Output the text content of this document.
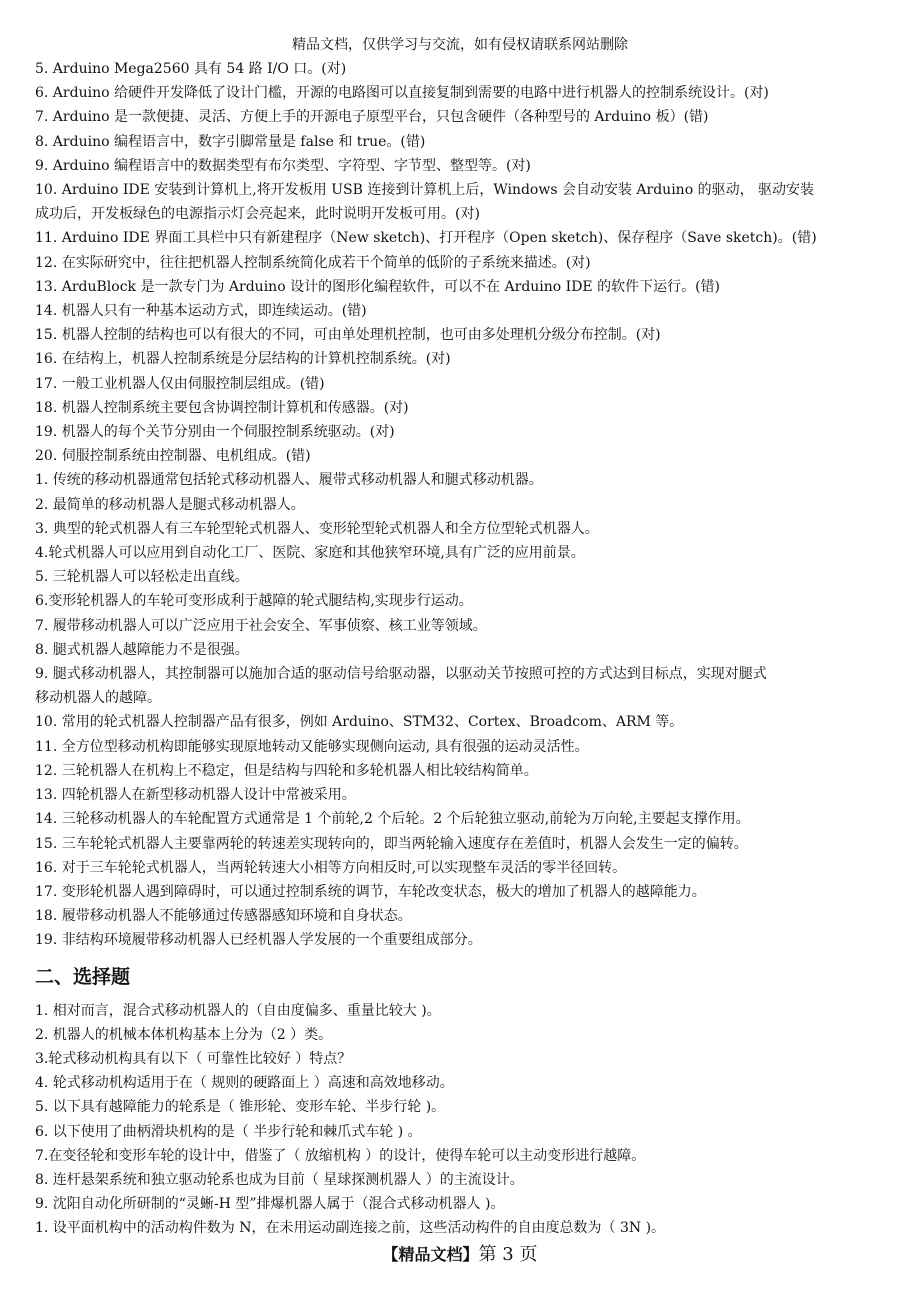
精品文档，仅供学习与交流，如有侵权请联系网站删除
5. Arduino Mega2560 具有 54 路 I/O 口。(对)
6. Arduino 给硬件开发降低了设计门槛，开源的电路图可以直接复制到需要的电路中进行机器人的控制系统设计。(对)
7. Arduino 是一款便捷、灵活、方便上手的开源电子原型平台，只包含硬件（各种型号的 Arduino 板）(错)
8. Arduino 编程语言中，数字引脚常量是 false 和 true。(错)
9. Arduino 编程语言中的数据类型有布尔类型、字符型、字节型、整型等。(对)
10. Arduino IDE 安装到计算机上,将开发板用 USB 连接到计算机上后，Windows 会自动安装 Arduino 的驱动， 驱动安装
成功后，开发板绿色的电源指示灯会亮起来，此时说明开发板可用。(对)
11. Arduino IDE 界面工具栏中只有新建程序（New sketch)、打开程序（Open sketch)、保存程序（Save sketch)。(错)
12. 在实际研究中，往往把机器人控制系统简化成若干个简单的低阶的子系统来描述。(对)
13. ArduBlock 是一款专门为 Arduino 设计的图形化编程软件，可以不在 Arduino IDE 的软件下运行。(错)
14. 机器人只有一种基本运动方式，即连续运动。(错)
15. 机器人控制的结构也可以有很大的不同，可由单处理机控制，也可由多处理机分级分布控制。(对)
16. 在结构上，机器人控制系统是分层结构的计算机控制系统。(对)
17. 一般工业机器人仅由伺服控制层组成。(错)
18. 机器人控制系统主要包含协调控制计算机和传感器。(对)
19. 机器人的每个关节分别由一个伺服控制系统驱动。(对)
20. 伺服控制系统由控制器、电机组成。(错)
1. 传统的移动机器通常包括轮式移动机器人、履带式移动机器人和腿式移动机器。
2. 最简单的移动机器人是腿式移动机器人。
3. 典型的轮式机器人有三车轮型轮式机器人、变形轮型轮式机器人和全方位型轮式机器人。
4.轮式机器人可以应用到自动化工厂、医院、家庭和其他狭窄环境,具有广泛的应用前景。
5. 三轮机器人可以轻松走出直线。
6.变形轮机器人的车轮可变形成利于越障的轮式腿结构,实现步行运动。
7. 履带移动机器人可以广泛应用于社会安全、军事侦察、核工业等领域。
8. 腿式机器人越障能力不是很强。
9. 腿式移动机器人，其控制器可以施加合适的驱动信号给驱动器，以驱动关节按照可控的方式达到目标点，实现对腿式
移动机器人的越障。
10. 常用的轮式机器人控制器产品有很多，例如 Arduino、STM32、Cortex、Broadcom、ARM 等。
11. 全方位型移动机构即能够实现原地转动又能够实现侧向运动, 具有很强的运动灵活性。
12. 三轮机器人在机构上不稳定，但是结构与四轮和多轮机器人相比较结构简单。
13. 四轮机器人在新型移动机器人设计中常被采用。
14. 三轮移动机器人的车轮配置方式通常是 1 个前轮,2 个后轮。2 个后轮独立驱动,前轮为万向轮,主要起支撑作用。
15. 三车轮轮式机器人主要靠两轮的转速差实现转向的，即当两轮输入速度存在差值时，机器人会发生一定的偏转。
16. 对于三车轮轮式机器人，当两轮转速大小相等方向相反时,可以实现整车灵活的零半径回转。
17. 变形轮机器人遇到障碍时，可以通过控制系统的调节，车轮改变状态，极大的增加了机器人的越障能力。
18. 履带移动机器人不能够通过传感器感知环境和自身状态。
19. 非结构环境履带移动机器人已经机器人学发展的一个重要组成部分。
二、选择题
1. 相对而言，混合式移动机器人的（自由度偏多、重量比较大 )。
2. 机器人的机械本体机构基本上分为（2 ）类。
3.轮式移动机构具有以下（ 可靠性比较好 ）特点？
4. 轮式移动机构适用于在（ 规则的硬路面上 ）高速和高效地移动。
5. 以下具有越障能力的轮系是（ 锥形轮、变形车轮、半步行轮 )。
6. 以下使用了曲柄滑块机构的是（ 半步行轮和棘爪式车轮 ) 。
7.在变径轮和变形车轮的设计中，借鉴了（ 放缩机构 ）的设计，使得车轮可以主动变形进行越障。
8. 连杆悬架系统和独立驱动轮系也成为目前（ 星球探测机器人 ）的主流设计。
9. 沈阳自动化所研制的“灵蜥-H 型”排爆机器人属于（混合式移动机器人 )。
1. 设平面机构中的活动构件数为 N，在未用运动副连接之前，这些活动构件的自由度总数为（ 3N )。
【精品文档】第 3 页
